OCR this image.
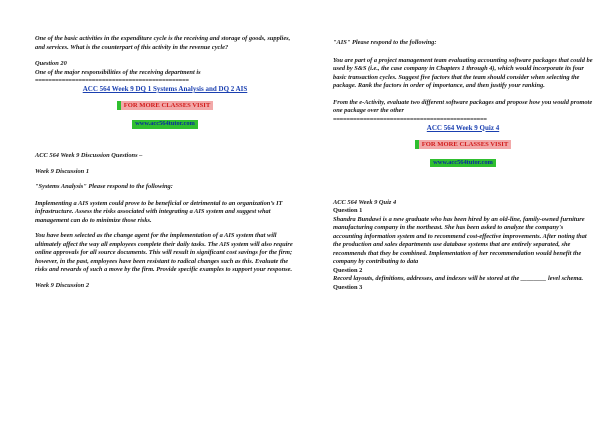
One of the basic activities in the expenditure cycle is the receiving and storage of goods, supplies, and services. What is the counterpart of this activity in the revenue cycle?

Question 20

One of the major responsibilities of the receiving department is

==============================================

ACC 564 Week 9 DQ 1 Systems Analysis and DQ 2 AIS

FOR MORE CLASSES VISIT
www.acc564tutor.com

ACC 564 Week 9 Discussion Questions –

Week 9 Discussion 1

"Systems Analysis" Please respond to the following:

Implementing a AIS system could prove to be beneficial or detrimental to an organization’s IT infrastructure. Assess the risks associated with integrating a AIS system and suggest what management can do to minimize those risks.

You have been selected as the change agent for the implementation of a AIS system that will ultimately affect the way all employees complete their daily tasks. The AIS system will also require online approvals for all source documents. This will result in significant cost savings for the firm; however, in the past, employees have been resistant to radical changes such as this. Evaluate the risks and rewards of such a move by the firm. Provide specific examples to support your response.

Week 9 Discussion 2

"AIS" Please respond to the following:

You are part of a project management team evaluating accounting software packages that could be used by S&S (i.e., the case company in Chapters 1 through 4), which would incorporate its four basic transaction cycles. Suggest five factors that the team should consider when selecting the package. Rank the factors in order of importance, and then justify your ranking.

From the e-Activity, evaluate two different software packages and propose how you would promote one package over the other

==============================================

ACC 564 Week 9 Quiz 4

FOR MORE CLASSES VISIT
www.acc564tutor.com

ACC 564 Week 9 Quiz 4

Question 1

Shandra Bundawi is a new graduate who has been hired by an old-line, family-owned furniture manufacturing company in the northeast. She has been asked to analyze the company's accounting information system and to recommend cost-effective improvements. After noting that the production and sales departments use database systems that are entirely separated, she recommends that they be combined. Implementation of her recommendation would benefit the company by contributing to data

Question 2

Record layouts, definitions, addresses, and indexes will be stored at the ________ level schema.

Question 3
